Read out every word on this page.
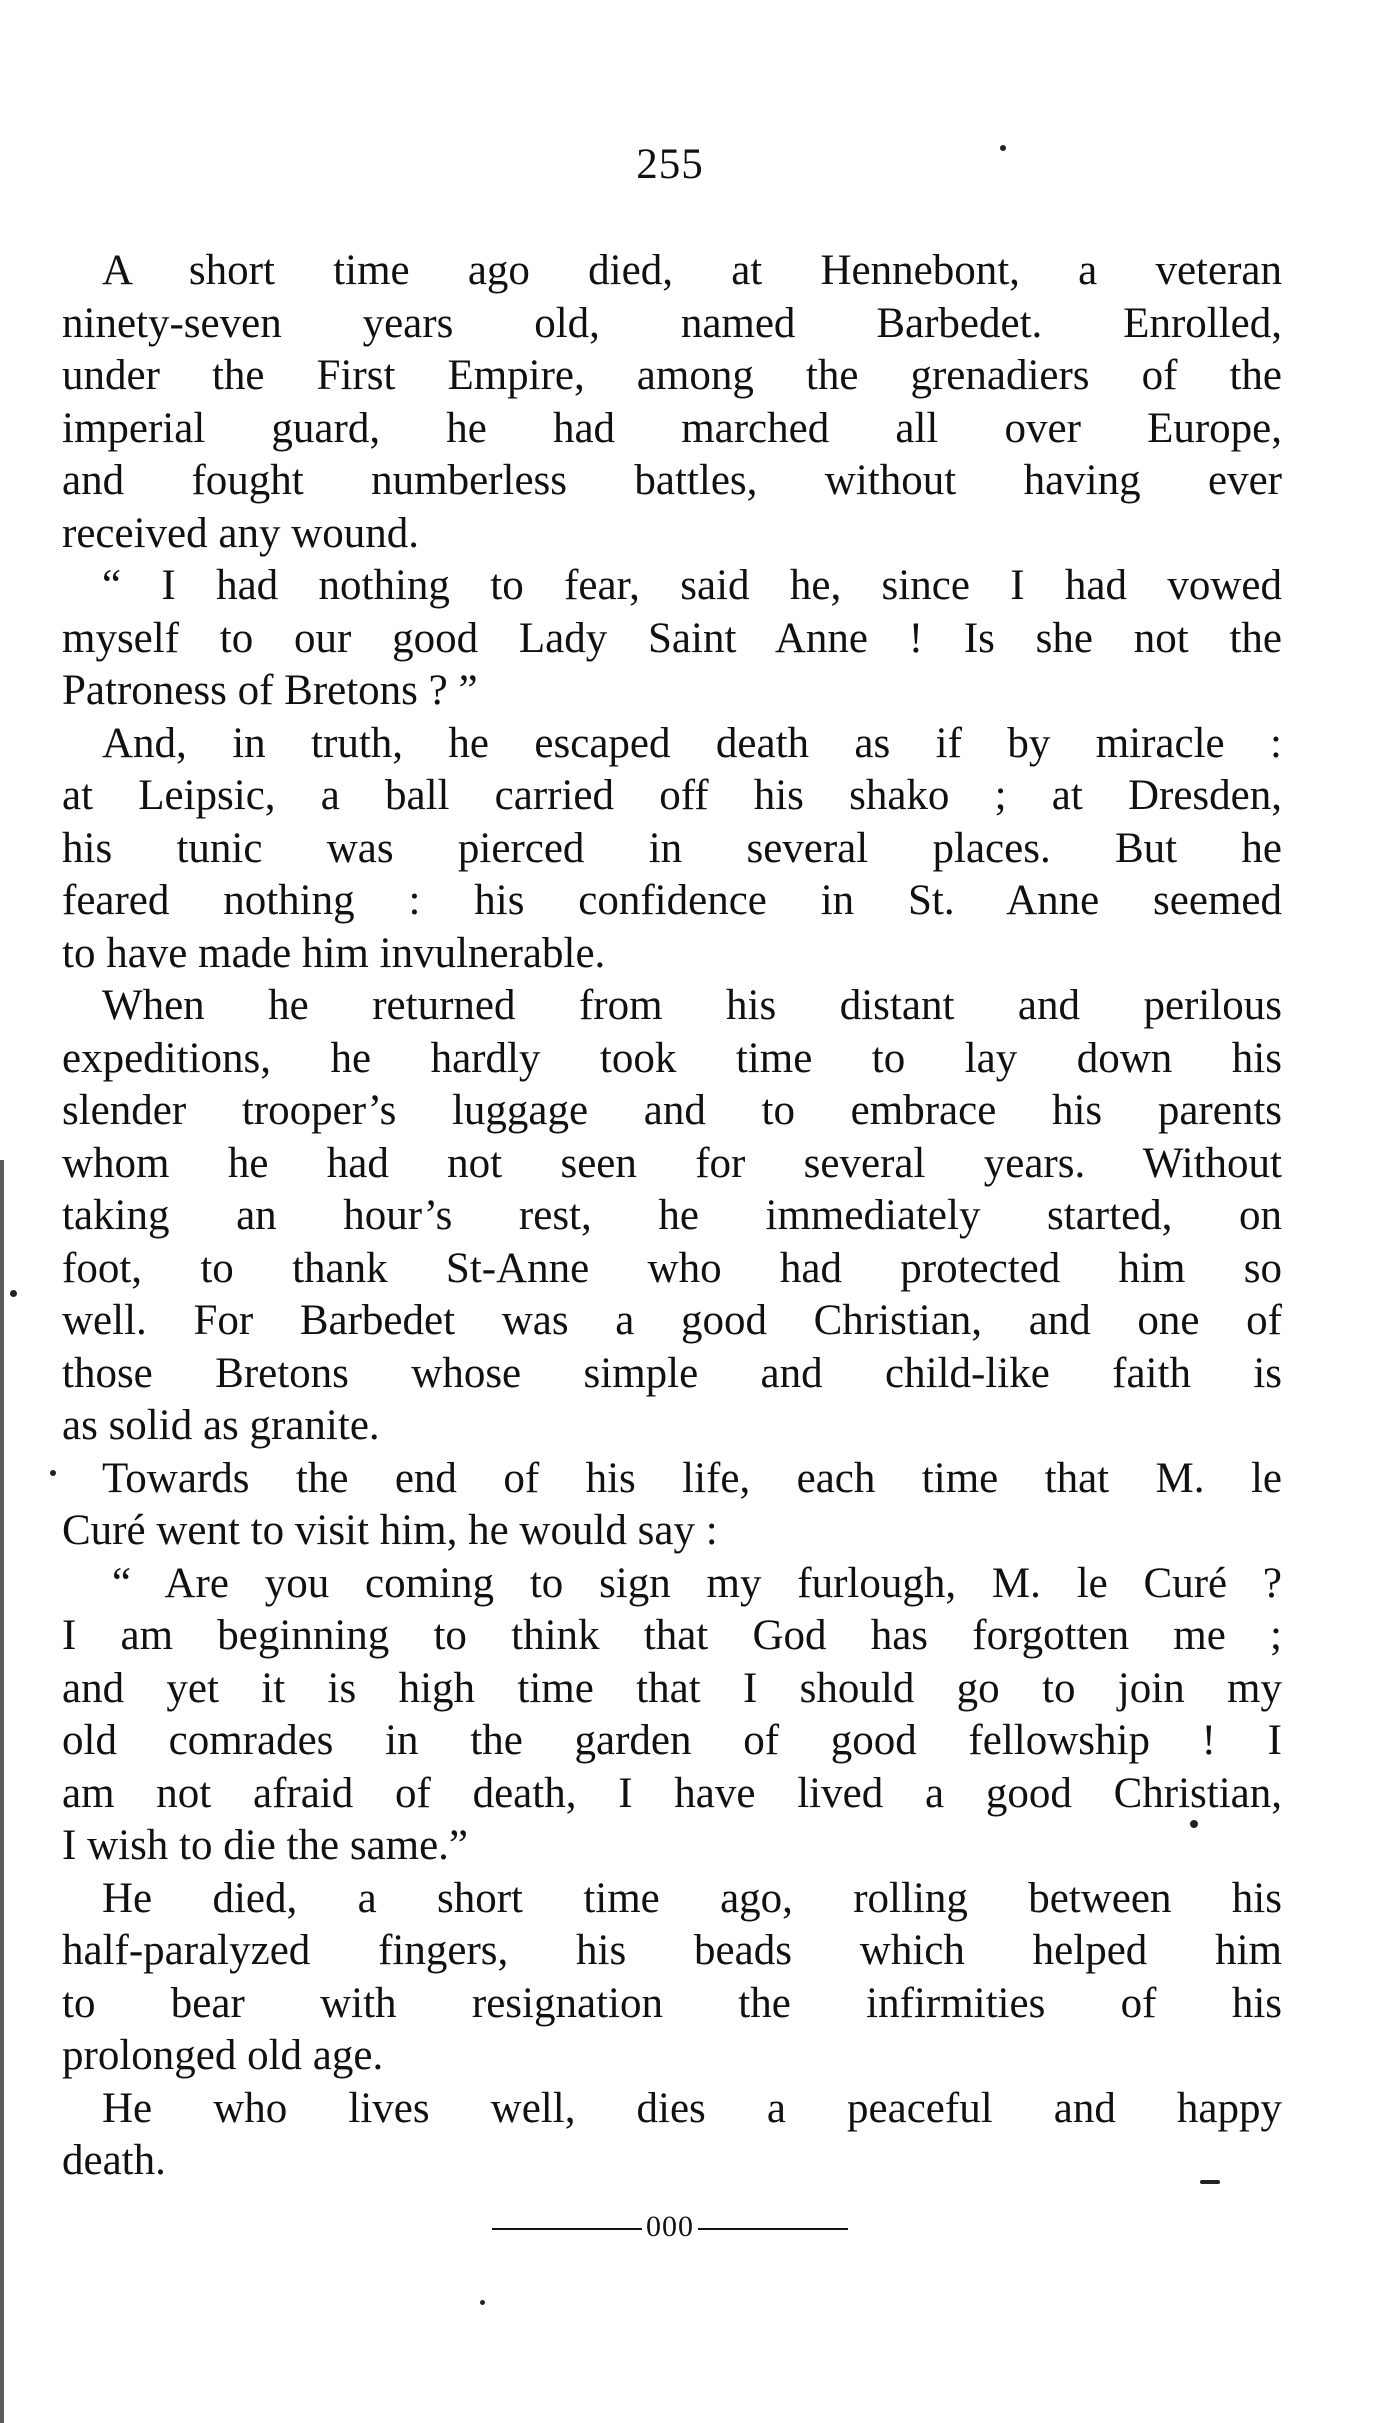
255
A short time ago died, at Hennebont, a veteran
ninety-seven years old, named Barbedet. Enrolled,
under the First Empire, among the grenadiers of the
imperial guard, he had marched all over Europe,
and fought numberless battles, without having ever
received any wound.
“ I had nothing to fear, said he, since I had vowed
myself to our good Lady Saint Anne ! Is she not the
Patroness of Bretons ? ”
And, in truth, he escaped death as if by miracle :
at Leipsic, a ball carried off his shako ; at Dresden,
his tunic was pierced in several places. But he
feared nothing : his confidence in St. Anne seemed
to have made him invulnerable.
When he returned from his distant and perilous
expeditions, he hardly took time to lay down his
slender trooper’s luggage and to embrace his parents
whom he had not seen for several years. Without
taking an hour’s rest, he immediately started, on
foot, to thank St-Anne who had protected him so
well. For Barbedet was a good Christian, and one of
those Bretons whose simple and child-like faith is
as solid as granite.
Towards the end of his life, each time that M. le
Curé went to visit him, he would say :
“ Are you coming to sign my furlough, M. le Curé ?
I am beginning to think that God has forgotten me ;
and yet it is high time that I should go to join my
old comrades in the garden of good fellowship ! I
am not afraid of death, I have lived a good Christian,
I wish to die the same.”
He died, a short time ago, rolling between his
half-paralyzed fingers, his beads which helped him
to bear with resignation the infirmities of his
prolonged old age.
He who lives well, dies a peaceful and happy
death.
000
